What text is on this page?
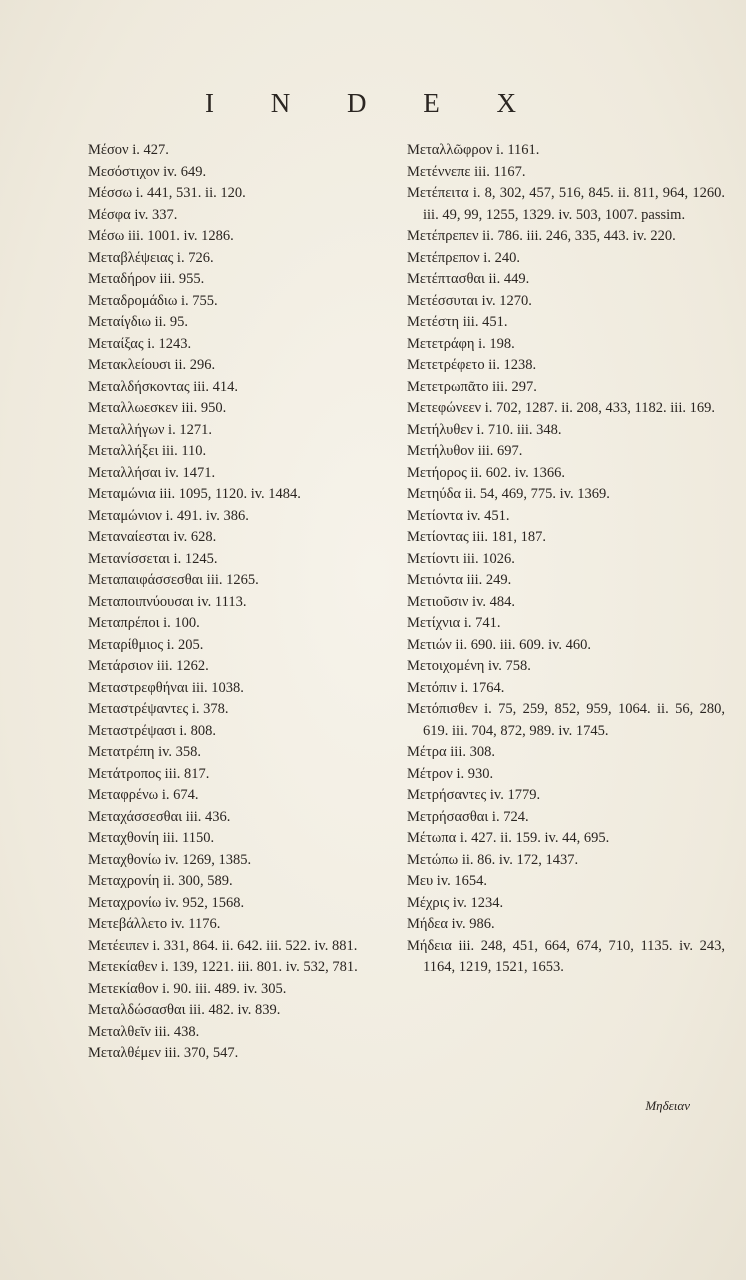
I N D E X
Μέσον i. 427.
Μεσόστιχον iv. 649.
Μέσσω i. 441, 531. ii. 120.
Μέσφα iv. 337.
Μέσω iii. 1001. iv. 1286.
Μεταβλέψειας i. 726.
Μεταδήρον iii. 955.
Μεταδρομάδιω i. 755.
Μεταίγδιω ii. 95.
Μεταίξας i. 1243.
Μετακλείουσι ii. 296.
Μεταλδήσκοντας iii. 414.
Μεταλλωεσκεν iii. 950.
Μεταλλήγων i. 1271.
Μεταλλήξει iii. 110.
Μεταλλήσαι iv. 1471.
Μεταμώνια iii. 1095, 1120. iv. 1484.
Μεταμώνιον i. 491. iv. 386.
Μεταναίεσται iv. 628.
Μετανίσσεται i. 1245.
Μεταπαιφάσσεσθαι iii. 1265.
Μεταποιπνύουσαι iv. 1113.
Μεταπρέποι i. 100.
Μεταρίθμιος i. 205.
Μετάρσιον iii. 1262.
Μεταστρεφθήναι iii. 1038.
Μεταστρέψαντες i. 378.
Μεταστρέψασι i. 808.
Μετατρέπη iv. 358.
Μετάτροπος iii. 817.
Μεταφρένω i. 674.
Μεταχάσσεσθαι iii. 436.
Μεταχθονίη iii. 1150.
Μεταχθονίω iv. 1269, 1385.
Μεταχρονίη ii. 300, 589.
Μεταχρονίω iv. 952, 1568.
Μετεβάλλετο iv. 1176.
Μετέειπεν i. 331, 864. ii. 642. iii. 522. iv. 881.
Μετεκίαθεν i. 139, 1221. iii. 801. iv. 532, 781.
Μετεκίαθον i. 90. iii. 489. iv. 305.
Μεταλδώσασθαι iii. 482. iv. 839.
Μεταλθεῖν iii. 438.
Μεταλθέμεν iii. 370, 547.
Μεταλλῶφρον i. 1161.
Μετέννεπε iii. 1167.
Μετέπειτα i. 8, 302, 457, 516, 845. ii. 811, 964, 1260. iii. 49, 99, 1255, 1329. iv. 503, 1007. passim.
Μετέπρεπεν ii. 786. iii. 246, 335, 443. iv. 220.
Μετέπρεπον i. 240.
Μετέπτασθαι ii. 449.
Μετέσσυται iv. 1270.
Μετέστη iii. 451.
Μετετράφη i. 198.
Μετετρέφετο ii. 1238.
Μετετρωπᾶτο iii. 297.
Μετεφώνεεν i. 702, 1287. ii. 208, 433, 1182. iii. 169.
Μετήλυθεν i. 710. iii. 348.
Μετήλυθον iii. 697.
Μετήορος ii. 602. iv. 1366.
Μετηύδα ii. 54, 469, 775. iv. 1369.
Μετίοντα iv. 451.
Μετίοντας iii. 181, 187.
Μετίοντι iii. 1026.
Μετιόντα iii. 249.
Μετιοῦσιν iv. 484.
Μετίχνια i. 741.
Μετιών ii. 690. iii. 609. iv. 460.
Μετοιχομένη iv. 758.
Μετόπιν i. 1764.
Μετόπισθεν i. 75, 259, 852, 959, 1064. ii. 56, 280, 619. iii. 704, 872, 989. iv. 1745.
Μέτρα iii. 308.
Μέτρον i. 930.
Μετρήσαντες iv. 1779.
Μετρήσασθαι i. 724.
Μέτωπα i. 427. ii. 159. iv. 44, 695.
Μετώπω ii. 86. iv. 172, 1437.
Μευ iv. 1654.
Μέχρις iv. 1234.
Μήδεα iv. 986.
Μήδεια iii. 248, 451, 664, 674, 710, 1135. iv. 243, 1164, 1219, 1521, 1653.
Μηδειαν
